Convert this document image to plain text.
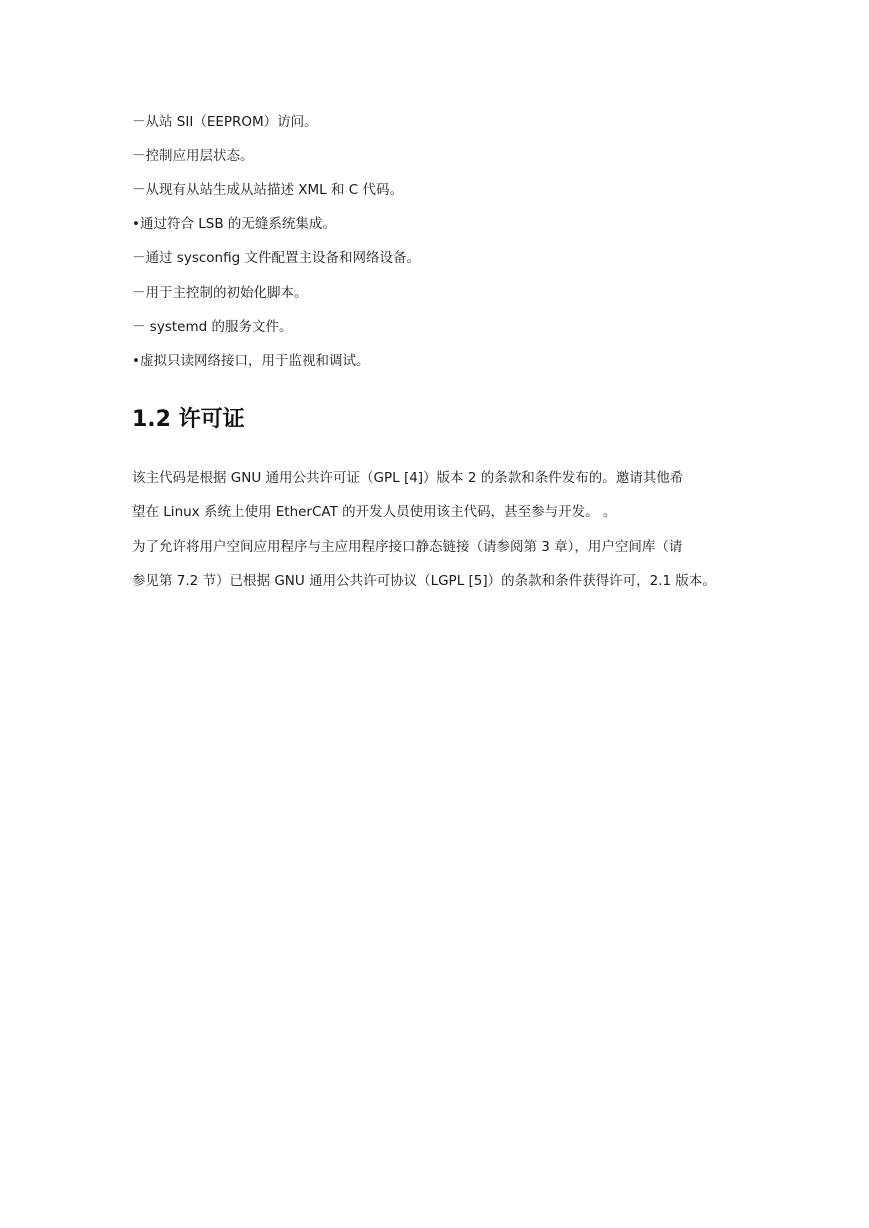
－从站 SII（EEPROM）访问。
－控制应用层状态。
－从现有从站生成从站描述 XML 和 C 代码。
•通过符合 LSB 的无缝系统集成。
－通过 sysconfig 文件配置主设备和网络设备。
－用于主控制的初始化脚本。
－ systemd 的服务文件。
•虚拟只读网络接口，用于监视和调试。
1.2 许可证
该主代码是根据 GNU 通用公共许可证（GPL [4]）版本 2 的条款和条件发布的。邀请其他希
望在 Linux 系统上使用 EtherCAT 的开发人员使用该主代码，甚至参与开发。 。
为了允许将用户空间应用程序与主应用程序接口静态链接（请参阅第 3 章），用户空间库（请
参见第 7.2 节）已根据 GNU 通用公共许可协议（LGPL [5]）的条款和条件获得许可，2.1 版本。
